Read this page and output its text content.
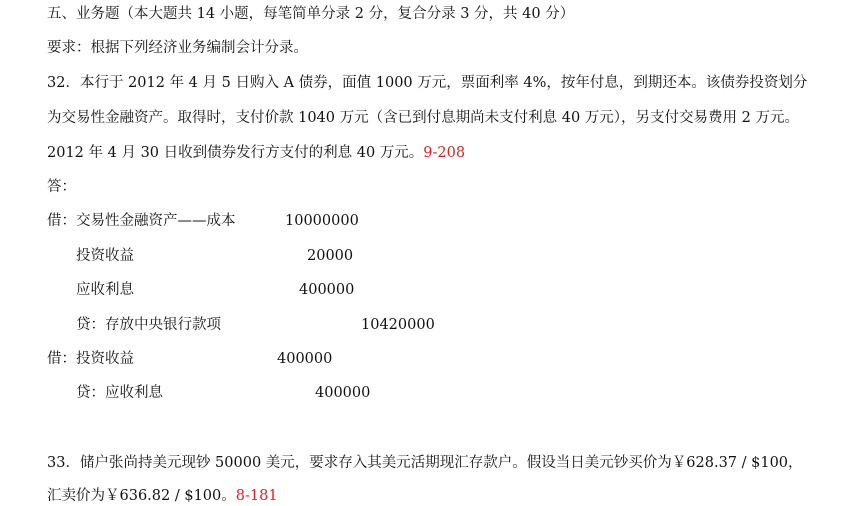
五、业务题（本大题共 14 小题，每笔简单分录 2 分，复合分录 3 分，共 40 分）
要求：根据下列经济业务编制会计分录。
32．本行于 2012 年 4 月 5 日购入 A 债券，面值 1000 万元，票面利率 4%，按年付息，到期还本。该债券投资划分
为交易性金融资产。取得时，支付价款 1040 万元（含已到付息期尚未支付利息 40 万元），另支付交易费用 2 万元。
2012 年 4 月 30 日收到债券发行方支付的利息 40 万元。9-208
答：
借：交易性金融资产——成本	10000000
投资收益	20000
应收利息	400000
贷：存放中央银行款项	10420000
借：投资收益	400000
贷：应收利息	400000
33．储户张尚持美元现钞 50000 美元，要求存入其美元活期现汇存款户。假设当日美元钞买价为￥628.37 / $100，
汇卖价为￥636.82 / $100。8-181
